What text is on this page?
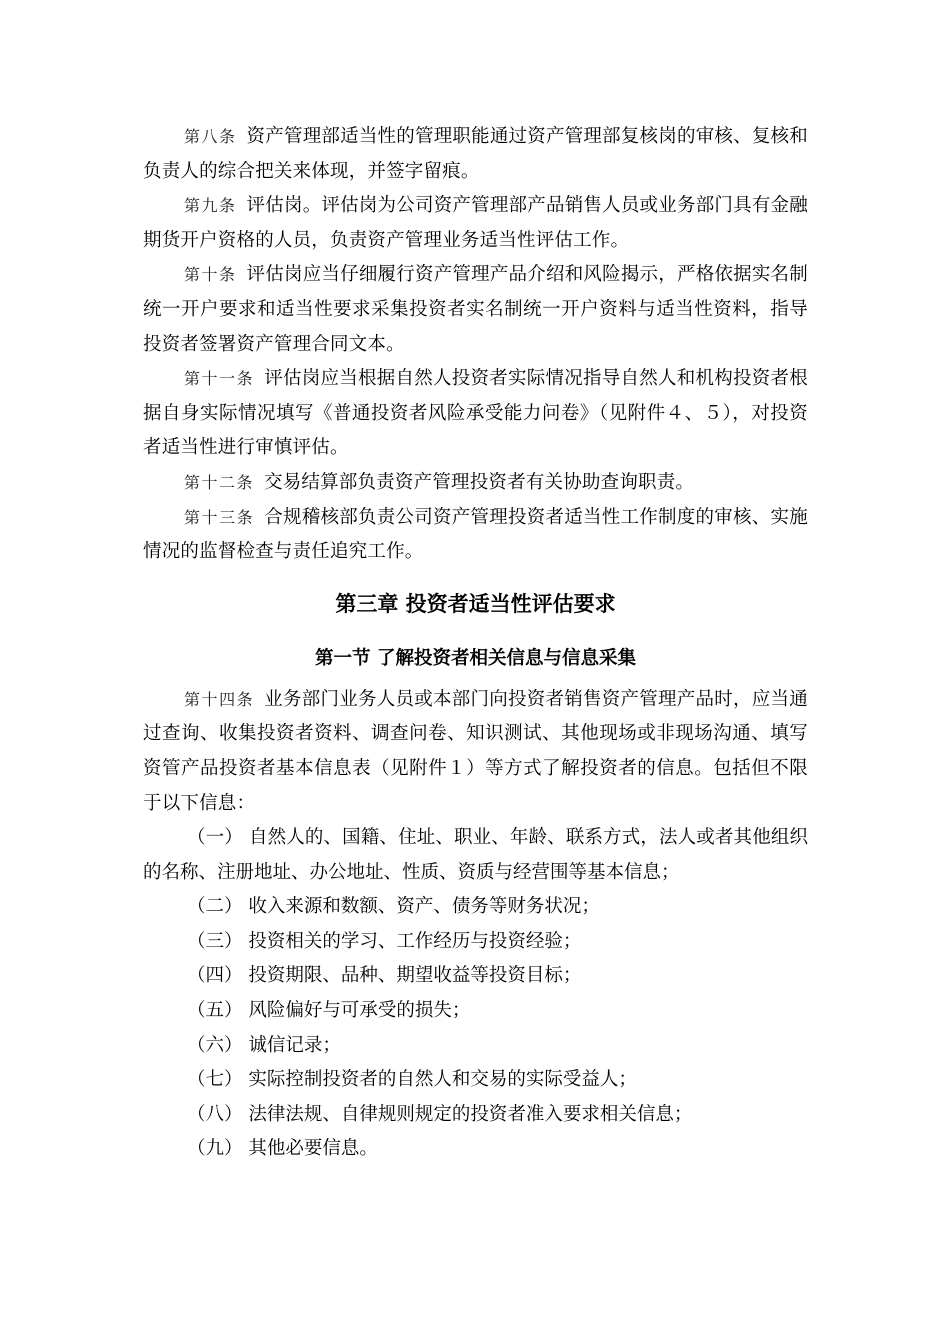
第八条 资产管理部适当性的管理职能通过资产管理部复核岗的审核、复核和负责人的综合把关来体现，并签字留痕。

第九条 评估岗。评估岗为公司资产管理部产品销售人员或业务部门具有金融期货开户资格的人员，负责资产管理业务适当性评估工作。

第十条 评估岗应当仔细履行资产管理产品介绍和风险揭示，严格依据实名制统一开户要求和适当性要求采集投资者实名制统一开户资料与适当性资料，指导投资者签署资产管理合同文本。

第十一条 评估岗应当根据自然人投资者实际情况指导自然人和机构投资者根据自身实际情况填写《普通投资者风险承受能力问卷》（见附件４、５），对投资者适当性进行审慎评估。

第十二条 交易结算部负责资产管理投资者有关协助查询职责。

第十三条 合规稽核部负责公司资产管理投资者适当性工作制度的审核、实施情况的监督检查与责任追究工作。

第三章 投资者适当性评估要求
第一节 了解投资者相关信息与信息采集

第十四条 业务部门业务人员或本部门向投资者销售资产管理产品时，应当通过查询、收集投资者资料、调查问卷、知识测试、其他现场或非现场沟通、填写资管产品投资者基本信息表（见附件１）等方式了解投资者的信息。包括但不限于以下信息：

（一） 自然人的、国籍、住址、职业、年龄、联系方式，法人或者其他组织的名称、注册地址、办公地址、性质、资质与经营围等基本信息；

（二） 收入来源和数额、资产、债务等财务状况；

（三） 投资相关的学习、工作经历与投资经验；

（四） 投资期限、品种、期望收益等投资目标；

（五） 风险偏好与可承受的损失；

（六） 诚信记录；

（七） 实际控制投资者的自然人和交易的实际受益人；

（八） 法律法规、自律规则规定的投资者准入要求相关信息；

（九） 其他必要信息。
